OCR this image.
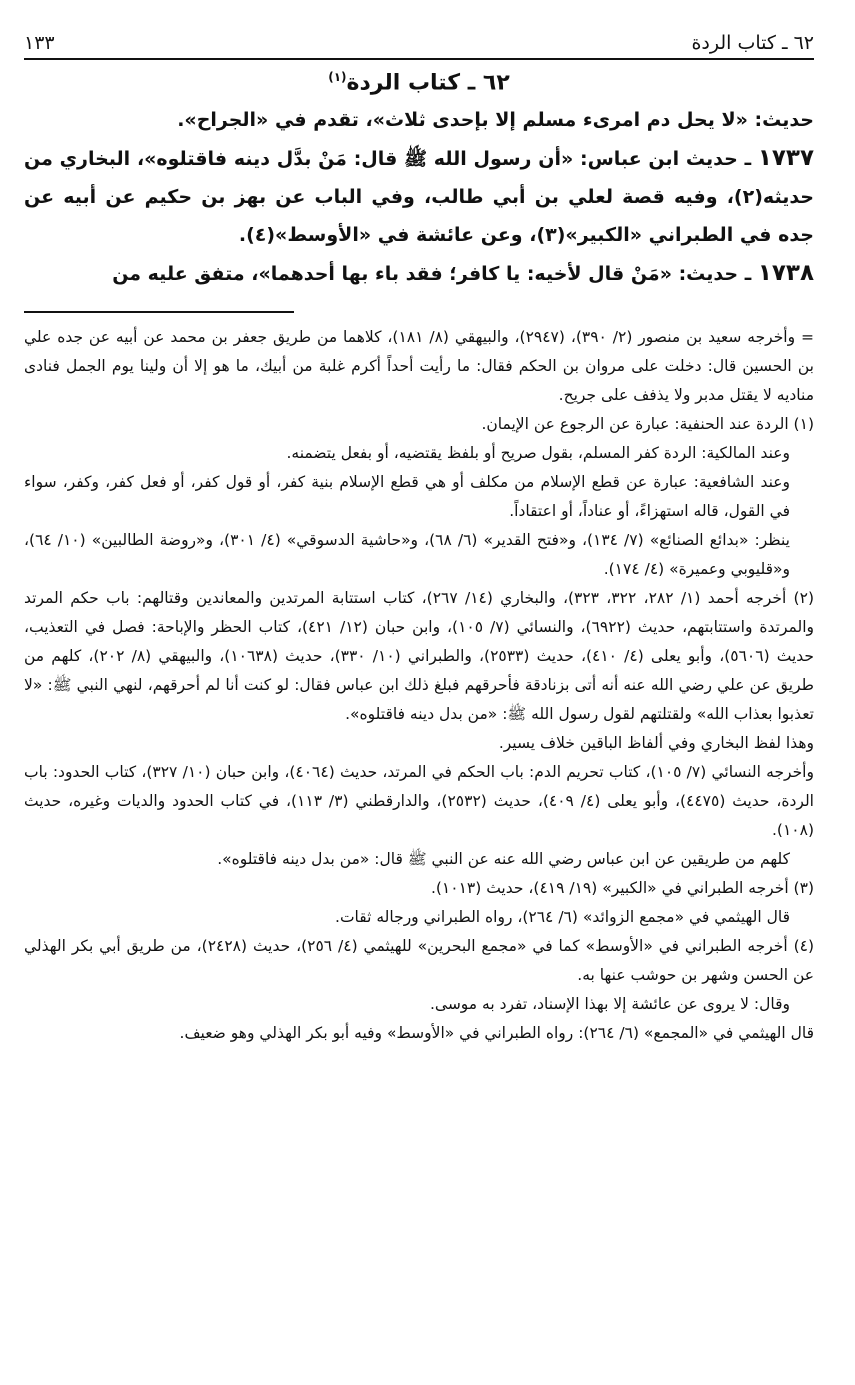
٦٢ ـ كتاب الردة
١٣٣
٦٢ ـ كتاب الردة$^{(١)}$

حديث: «لا يحل دم امرىء مسلم إلا بإحدى ثلاث»، تقدم في «الجراح».

١٧٣٧ ـ حديث ابن عباس: «أن رسول الله ﷺ قال: مَنْ بدَّل دينه فاقتلوه»، البخاري من حديثه(٢)، وفيه قصة لعلي بن أبي طالب، وفي الباب عن بهز بن حكيم عن أبيه عن جده في الطبراني «الكبير»(٣)، وعن عائشة في «الأوسط»(٤).

١٧٣٨ ـ حديث: «مَنْ قال لأخيه: يا كافر؛ فقد باء بها أحدهما»، متفق عليه من

= وأخرجه سعيد بن منصور (٢/ ٣٩٠)، (٢٩٤٧)، والبيهقي (٨/ ١٨١)، كلاهما من طريق جعفر بن محمد عن أبيه عن جده علي بن الحسين قال: دخلت على مروان بن الحكم فقال: ما رأيت أحداً أكرم غلبة من أبيك، ما هو إلا أن ولينا يوم الجمل فنادى مناديه لا يقتل مدبر ولا يذفف على جريح.

(١) الردة عند الحنفية: عبارة عن الرجوع عن الإيمان.

وعند المالكية: الردة كفر المسلم، بقول صريح أو بلفظ يقتضيه، أو بفعل يتضمنه.

وعند الشافعية: عبارة عن قطع الإسلام من مكلف أو هي قطع الإسلام بنية كفر، أو قول كفر، أو فعل كفر، وكفر، سواء في القول، قاله استهزاءً، أو عناداً، أو اعتقاداً.

ينظر: «بدائع الصنائع» (٧/ ١٣٤)، و«فتح القدير» (٦/ ٦٨)، و«حاشية الدسوقي» (٤/ ٣٠١)، و«روضة الطالبين» (١٠/ ٦٤)، و«قليوبي وعميرة» (٤/ ١٧٤).

(٢) أخرجه أحمد (١/ ٢٨٢، ٣٢٢، ٣٢٣)، والبخاري (١٤/ ٢٦٧)، كتاب استتابة المرتدين والمعاندين وقتالهم: باب حكم المرتد والمرتدة واستتابتهم، حديث (٦٩٢٢)، والنسائي (٧/ ١٠٥)، وابن حبان (١٢/ ٤٢١)، كتاب الحظر والإباحة: فصل في التعذيب، حديث (٥٦٠٦)، وأبو يعلى (٤/ ٤١٠)، حديث (٢٥٣٣)، والطبراني (١٠/ ٣٣٠)، حديث (١٠٦٣٨)، والبيهقي (٨/ ٢٠٢)، كلهم من طريق عن علي رضي الله عنه أنه أتى بزنادقة فأحرقهم فبلغ ذلك ابن عباس فقال: لو كنت أنا لم أحرقهم، لنهي النبي ﷺ: «لا تعذبوا بعذاب الله» ولقتلتهم لقول رسول الله ﷺ: «من بدل دينه فاقتلوه».

وهذا لفظ البخاري وفي ألفاظ الباقين خلاف يسير.

وأخرجه النسائي (٧/ ١٠٥)، كتاب تحريم الدم: باب الحكم في المرتد، حديث (٤٠٦٤)، وابن حبان (١٠/ ٣٢٧)، كتاب الحدود: باب الردة، حديث (٤٤٧٥)، وأبو يعلى (٤/ ٤٠٩)، حديث (٢٥٣٢)، والدارقطني (٣/ ١١٣)، في كتاب الحدود والديات وغيره، حديث (١٠٨).

كلهم من طريقين عن ابن عباس رضي الله عنه عن النبي ﷺ قال: «من بدل دينه فاقتلوه».

(٣) أخرجه الطبراني في «الكبير» (١٩/ ٤١٩)، حديث (١٠١٣).

قال الهيثمي في «مجمع الزوائد» (٦/ ٢٦٤)، رواه الطبراني ورجاله ثقات.

(٤) أخرجه الطبراني في «الأوسط» كما في «مجمع البحرين» للهيثمي (٤/ ٢٥٦)، حديث (٢٤٢٨)، من طريق أبي بكر الهذلي عن الحسن وشهر بن حوشب عنها به.

وقال: لا يروى عن عائشة إلا بهذا الإسناد، تفرد به موسى.

قال الهيثمي في «المجمع» (٦/ ٢٦٤): رواه الطبراني في «الأوسط» وفيه أبو بكر الهذلي وهو ضعيف.
